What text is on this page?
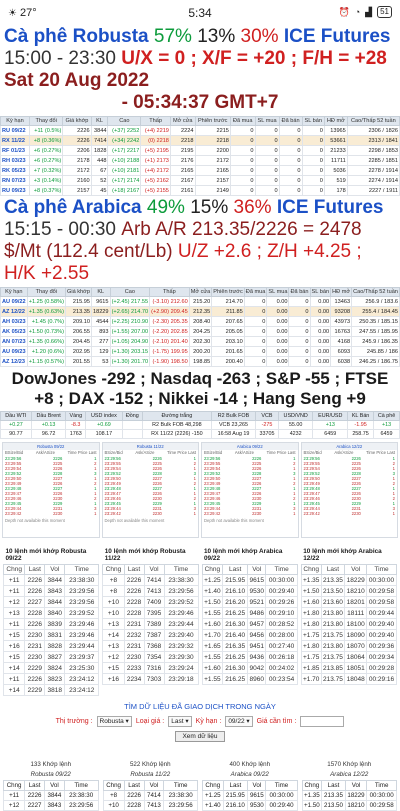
☀ 27°	5:34	⏰ ◔ ▟	51
Cà phê Robusta 57% 13% 30% ICE Futures 15:00 - 23:30 U/X = 0 ; X/F = +20 ; F/H = +28 Sat 20 Aug 2022
- 05:34:37 GMT+7
Kỳ hạn	Thay đổi	Giá khớp	KL	Cao	Thấp	Mở cửa	Phiên trước	Đã mua	SL mua	Đã bán	SL bán	HĐ mở	Cao/Thấp 52 tuần
RU 09/22	+11 (0.5%)	2226	3844	(+37) 2252	(+4) 2219	2224	2215	0	0	0	0	13965	2306 / 1826
RX 11/22	+8 (0.36%)	2226	7414	(+34) 2242	(0) 2218	2218	2218	0	0	0	0	53661	2313 / 1841
RF 01/23	+6 (0.27%)	2206	1828	(+17) 2217	(+5) 2195	2195	2200	0	0	0	0	21233	2298 / 1853
RH 03/23	+6 (0.27%)	2178	448	(+10) 2188	(+1) 2173	2176	2172	0	0	0	0	11711	2285 / 1851
RK 05/23	+7 (0.32%)	2172	67	(+10) 2181	(+4) 2172	2165	2165	0	0	0	0	5036	2278 / 1914
RN 07/23	+3 (0.14%)	2160	52	(+17) 2174	(+5) 2162	2167	2157	0	0	0	0	519	2274 / 1914
RU 09/23	+8 (0.37%)	2157	45	(+18) 2167	(+5) 2155	2161	2149	0	0	0	0	178	2227 / 1911
Cà phê Arabica 49% 15% 36% ICE Futures 15:15 - 00:30 Arb A/R 213.35/2226 = 2478 $/Mt (112.4 cent/Lb) U/Z +2.6 ; Z/H +4.25 ; H/K +2.55
Kỳ hạn	Thay đổi	Giá khớp	KL	Cao	Thấp	Mở cửa	Phiên trước	Đã mua	SL mua	Đã bán	SL bán	HĐ mở	Cao/Thấp 52 tuần
AU 09/22	+1.25 (0.58%)	215.95	9615	(+2.45) 217.55	(-3.10) 212.60	215.20	214.70	0	0.00	0	0.00	13463	256.9 / 183.6
AZ 12/22	+1.35 (0.63%)	213.35	18229	(+2.65) 214.70	(+2.90) 209.45	212.35	211.85	0	0.00	0	0.00	93208	255.4 / 184.45
AH 03/23	+1.45 (0.7%)	209.10	4544	(+2.25) 210.90	(-2.30) 205.35	208.40	207.65	0	0.00	0	0.00	43973	250.35 / 185.15
AK 05/23	+1.50 (0.73%)	206.55	893	(+1.55) 207.00	(-2.20) 202.85	204.25	205.05	0	0.00	0	0.00	16763	247.55 / 185.95
AN 07/23	+1.35 (0.66%)	204.45	277	(+1.05) 204.90	(-2.10) 201.40	202.30	203.10	0	0.00	0	0.00	4168	245.9 / 186.35
AU 09/23	+1.20 (0.6%)	202.95	129	(+1.30) 203.15	(-1.75) 199.95	200.20	201.65	0	0.00	0	0.00	6093	245.85 / 186
AZ 12/23	+1.15 (0.57%)	201.55	53	(+1.30) 201.70	(-1.90) 198.50	198.85	200.40	0	0.00	0	0.00	6038	246.25 / 186.75
DowJones -292 ; Nasdaq -263 ; S&P -55 ; FTSE +8 ; DAX -152 ; Nikkei -14 ; Hang Seng +9
Dầu WTI	Dầu Brent	Vàng	USD index	Đồng	Đường trắng	R2 Bulk FOB	VCB	USD/VND	EUR/USD	KL Bán	Cà phê
+0.27	+0.13	-8.3	+0.69		R2 Bulk FOB 48,298	VCB 23,265	-275	55.00	+13	-1.95	+13
90.77	96.72	1763	108.17		RX 11/22 (2226) -150	16:58 Aug 19	33705	4232	6459	258.75	6459
Robusta 09/22
BSize/Bid	Ask/ASize	Time Price Last
23:29:56	2226	1
23:29:55	2225	2
23:29:54	2226	1
23:29:52	2228	3
23:29:50	2227	1
23:29:49	2226	2
23:29:48	2227	1
23:29:47	2226	1
23:29:46	2230	2
23:29:45	2229	1
23:29:44	2231	3
23:29:42	2230	1
Depth not available this moment
Robusta 11/22
BSize/Bid	Ask/ASize	Time Price Last
23:29:56	2226	1
23:29:55	2225	2
23:29:54	2226	1
23:29:52	2228	3
23:29:50	2227	1
23:29:49	2226	2
23:29:48	2227	1
23:29:47	2226	1
23:29:46	2230	2
23:29:45	2229	1
23:29:44	2231	3
23:29:42	2230	1
Depth not available this moment
Arabica 09/22
BSize/Bid	Ask/ASize	Time Price Last
23:29:56	2226	1
23:29:55	2225	2
23:29:54	2226	1
23:29:52	2228	3
23:29:50	2227	1
23:29:49	2226	2
23:29:48	2227	1
23:29:47	2226	1
23:29:46	2230	2
23:29:45	2229	1
23:29:44	2231	3
23:29:42	2230	1
Depth not available this moment
Arabica 12/22
BSize/Bid	Ask/ASize	Time Price Last
23:29:56	2226	1
23:29:55	2225	2
23:29:54	2226	1
23:29:52	2228	3
23:29:50	2227	1
23:29:49	2226	2
23:29:48	2227	1
23:29:47	2226	1
23:29:46	2230	2
23:29:45	2229	1
23:29:44	2231	3
23:29:42	2230	1
10 lệnh mới khớp Robusta 09/22			
Chng	Last	Vol	Time
+11	2226	3844	23:38:30
+11	2226	3843	23:29:56
+12	2227	3844	23:29:56
+13	2228	3840	23:29:52
+11	2226	3839	23:29:46
+15	2230	3831	23:29:46
+16	2231	3828	23:29:44
+15	2230	3827	23:29:37
+14	2229	3824	23:25:30
+11	2226	3823	23:24:12
+14	2229	3818	23:24:12
10 lệnh mới khớp Robusta 11/22			
Chng	Last	Vol	Time
+8	2226	7414	23:38:30
+8	2226	7413	23:29:56
+10	2228	7409	23:29:52
+10	2228	7395	23:29:46
+13	2231	7389	23:29:44
+14	2232	7387	23:29:40
+13	2231	7368	23:29:32
+12	2230	7354	23:29:30
+15	2233	7316	23:29:24
+16	2234	7303	23:29:18
10 lệnh mới khớp Arabica 09/22			
Chng	Last	Vol	Time
+1.25	215.95	9615	00:30:00
+1.40	216.10	9530	00:29:40
+1.50	216.20	9521	00:29:26
+1.55	216.25	9486	00:29:10
+1.60	216.30	9457	00:28:52
+1.70	216.40	9456	00:28:00
+1.65	216.35	9451	00:27:40
+1.55	216.25	9436	00:26:18
+1.60	216.30	9042	00:24:02
+1.55	216.25	8960	00:23:54
10 lệnh mới khớp Arabica 12/22			
Chng	Last	Vol	Time
+1.35	213.35	18229	00:30:00
+1.50	213.50	18210	00:29:58
+1.60	213.60	18201	00:29:58
+1.80	213.80	18111	00:29:44
+1.80	213.80	18100	00:29:40
+1.75	213.75	18090	00:29:40
+1.80	213.80	18070	00:29:36
+1.75	213.75	18064	00:29:34
+1.85	213.85	18051	00:29:28
+1.70	213.75	18048	00:29:16
TÌM DỮ LIỆU ĐÃ GIAO DỊCH TRONG NGÀY
Thị trường : Robusta ▾	Loại giá : Last ▾	Kỳ hạn : 09/22 ▾	Giá cần tìm :
Xem dữ liệu
133 Khớp lệnh			
Robusta 09/22			
Chng	Last	Vol	Time
+11	2226	3844	23:38:30
+12	2227	3843	23:29:56
522 Khớp lệnh			
Robusta 11/22			
Chng	Last	Vol	Time
+8	2226	7414	23:38:30
+10	2228	7413	23:29:56
400 Khớp lệnh			
Arabica 09/22			
Chng	Last	Vol	Time
+1.25	215.95	9615	00:30:00
+1.40	216.10	9530	00:29:40
1570 Khớp lệnh			
Arabica 12/22			
Chng	Last	Vol	Time
+1.35	213.35	18229	00:30:00
+1.50	213.50	18210	00:29:58
